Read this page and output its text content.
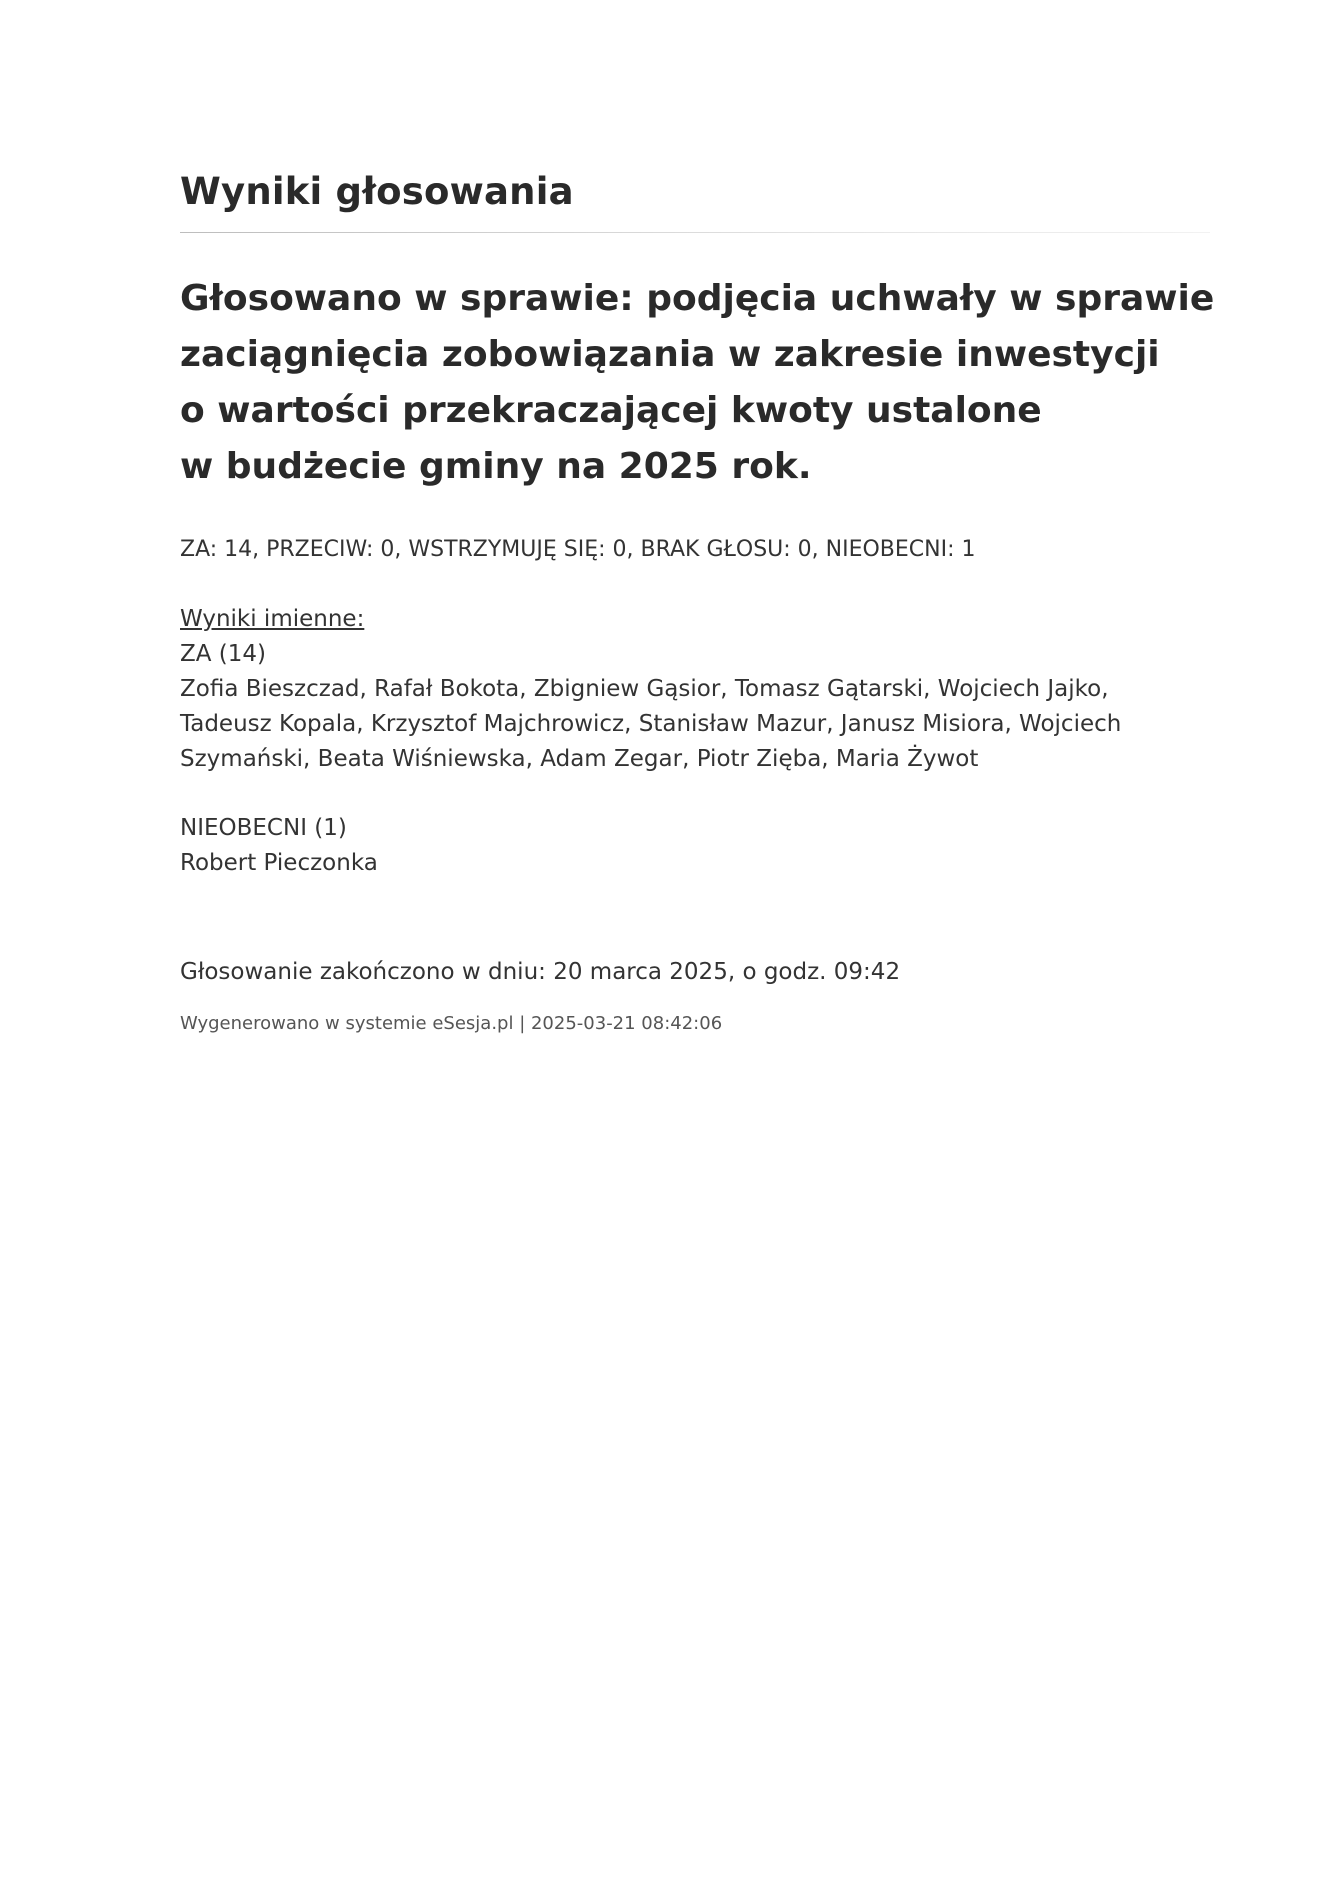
Wyniki głosowania
Głosowano w sprawie: podjęcia uchwały w sprawie
zaciągnięcia zobowiązania w zakresie inwestycji
o wartości przekraczającej kwoty ustalone
w budżecie gminy na 2025 rok.
ZA: 14, PRZECIW: 0, WSTRZYMUJĘ SIĘ: 0, BRAK GŁOSU: 0, NIEOBECNI: 1
Wyniki imienne:
ZA (14)
Zofia Bieszczad, Rafał Bokota, Zbigniew Gąsior, Tomasz Gątarski, Wojciech Jajko, Tadeusz Kopala, Krzysztof Majchrowicz, Stanisław Mazur, Janusz Misiora, Wojciech Szymański, Beata Wiśniewska, Adam Zegar, Piotr Zięba, Maria Żywot
NIEOBECNI (1)
Robert Pieczonka
Głosowanie zakończono w dniu: 20 marca 2025, o godz. 09:42
Wygenerowano w systemie eSesja.pl | 2025-03-21 08:42:06
